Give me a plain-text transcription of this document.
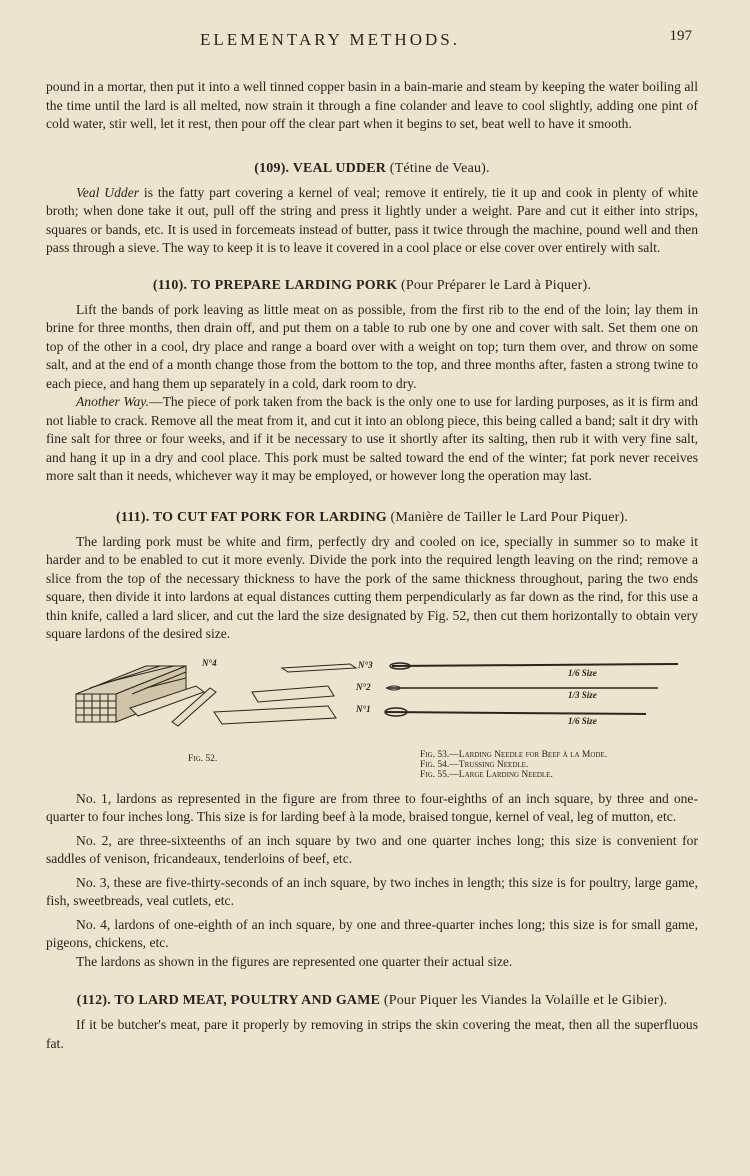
ELEMENTARY METHODS.	197

pound in a mortar, then put it into a well tinned copper basin in a bain-marie and steam by keeping the water boiling all the time until the lard is all melted, now strain it through a fine colander and leave to cool slightly, adding one pint of cold water, stir well, let it rest, then pour off the clear part when it begins to set, beat well to have it smooth.

(109). VEAL UDDER (Tétine de Veau).

Veal Udder is the fatty part covering a kernel of veal; remove it entirely, tie it up and cook in plenty of white broth; when done take it out, pull off the string and press it lightly under a weight. Pare and cut it either into strips, squares or bands, etc. It is used in forcemeats instead of butter, pass it twice through the machine, pound well and then pass through a sieve. The way to keep it is to leave it covered in a cool place or else cover over entirely with salt.

(110). TO PREPARE LARDING PORK (Pour Préparer le Lard à Piquer).

Lift the bands of pork leaving as little meat on as possible, from the first rib to the end of the loin; lay them in brine for three months, then drain off, and put them on a table to rub one by one and cover with salt. Set them one on top of the other in a cool, dry place and range a board over with a weight on top; turn them over, and throw on some salt, and at the end of a month change those from the bottom to the top, and three months after, fasten a strong twine to each piece, and hang them up separately in a cold, dark room to dry.

Another Way.—The piece of pork taken from the back is the only one to use for larding purposes, as it is firm and not liable to crack. Remove all the meat from it, and cut it into an oblong piece, this being called a band; salt it dry with fine salt for three or four weeks, and if it be necessary to use it shortly after its salting, then rub it with very fine salt, and hang it up in a dry and cool place. This pork must be salted toward the end of the winter; fat pork never receives more salt than it needs, whichever way it may be employed, or however long the operation may last.

(111). TO CUT FAT PORK FOR LARDING (Manière de Tailler le Lard Pour Piquer).

The larding pork must be white and firm, perfectly dry and cooled on ice, specially in summer so to make it harder and to be enabled to cut it more evenly. Divide the pork into the required length leaving on the rind; remove a slice from the top of the necessary thickness to have the pork of the same thickness throughout, paring the two ends square, then divide it into lardons at equal distances cutting them perpendicularly as far down as the rind, for this use a thin knife, called a lard slicer, and cut the lard the size designated by Fig. 52, then cut them horizontally to obtain very square lardons of the desired size.

N°4	N°3
N°2
N°1
1/6 Size
1/3 Size
1/6 Size
Fig. 52.	Fig. 53.—Larding Needle for Beef à la Mode.
Fig. 54.—Trussing Needle.
Fig. 55.—Large Larding Needle.

No. 1, lardons as represented in the figure are from three to four-eighths of an inch square, by three and one-quarter to four inches long. This size is for larding beef à la mode, braised tongue, kernel of veal, leg of mutton, etc.

No. 2, are three-sixteenths of an inch square by two and one quarter inches long; this size is convenient for saddles of venison, fricandeaux, tenderloins of beef, etc.

No. 3, these are five-thirty-seconds of an inch square, by two inches in length; this size is for poultry, large game, fish, sweetbreads, veal cutlets, etc.

No. 4, lardons of one-eighth of an inch square, by one and three-quarter inches long; this size is for small game, pigeons, chickens, etc.

The lardons as shown in the figures are represented one quarter their actual size.

(112). TO LARD MEAT, POULTRY AND GAME (Pour Piquer les Viandes la Volaille et le Gibier).

If it be butcher's meat, pare it properly by removing in strips the skin covering the meat, then all the superfluous fat.
